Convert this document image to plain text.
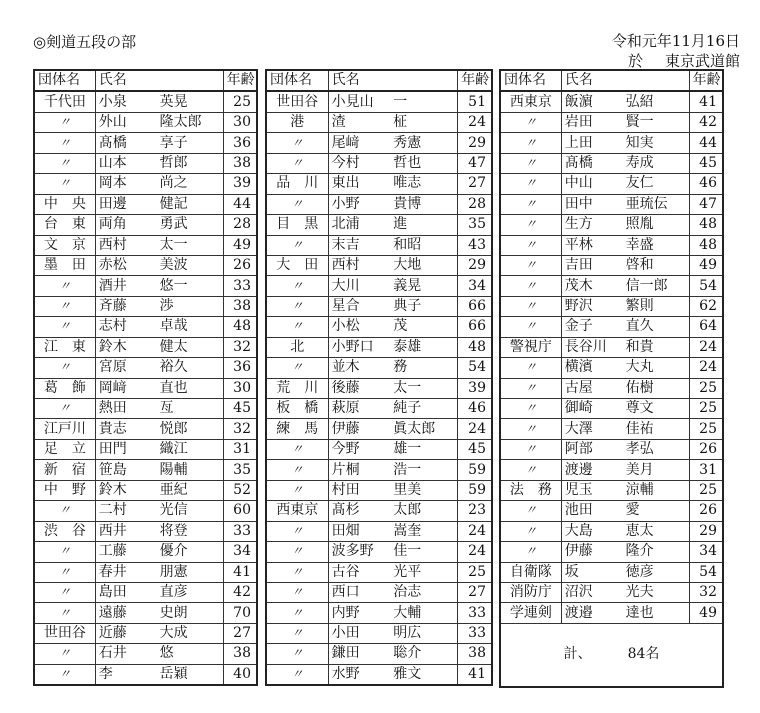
◎剣道五段の部	令和元年11月16日
於 東京武道館
団体名	氏名		年齢
千代田	小泉	英晃	25
〃	外山	隆太郎	30
〃	髙橋	享子	36
〃	山本	哲郎	38
〃	岡本	尚之	39
中　央	田邊	健記	44
台　東	両角	勇武	28
文　京	西村	太一	49
墨　田	赤松	美波	26
〃	酒井	悠一	33
〃	斉藤	渉	38
〃	志村	卓哉	48
江　東	鈴木	健太	32
〃	宮原	裕久	36
葛　飾	岡﨑	直也	30
〃	熱田	亙	45
江戸川	貴志	悦郎	32
足　立	田門	織江	31
新　宿	笹島	陽輔	35
中　野	鈴木	亜紀	52
〃	二村	光信	60
渋　谷	西井	将登	33
〃	工藤	優介	34
〃	春井	朋憲	41
〃	島田	直彦	42
〃	遠藤	史朗	70
世田谷	近藤	大成	27
〃	石井	悠	38
〃	李	岳穎	40
団体名	氏名		年齢
世田谷	小見山	一	51
港	渣	柾	24
〃	尾﨑	秀憲	29
〃	今村	哲也	47
品　川	東出	唯志	27
〃	小野	貴博	28
目　黒	北浦	進	35
〃	末吉	和昭	43
大　田	西村	大地	29
〃	大川	義晃	34
〃	星合	典子	66
〃	小松	茂	66
北	小野口	泰雄	48
〃	並木	務	54
荒　川	後藤	太一	39
板　橋	萩原	純子	46
練　馬	伊藤	眞太郎	24
〃	今野	雄一	45
〃	片桐	浩一	59
〃	村田	里美	59
西東京	髙杉	太郎	23
〃	田畑	嵩奎	24
〃	波多野	佳一	24
〃	古谷	光平	25
〃	西口	治志	27
〃	内野	大輔	33
〃	小田	明広	33
〃	鎌田	聡介	38
〃	水野	雅文	41
団体名	氏名		年齢
西東京	飯濵	弘紹	41
〃	岩田	賢一	42
〃	上田	知実	44
〃	髙橋	寿成	45
〃	中山	友仁	46
〃	田中	亜琉伝	47
〃	生方	照胤	48
〃	平林	幸盛	48
〃	吉田	啓和	49
〃	茂木	信一郎	54
〃	野沢	繁則	62
〃	金子	直久	64
警視庁	長谷川	和貴	24
〃	横濱	大丸	24
〃	古屋	佑樹	25
〃	御崎	尊文	25
〃	大澤	佳祐	25
〃	阿部	孝弘	26
〃	渡邊	美月	31
法　務	児玉	涼輔	25
〃	池田	愛	26
〃	大島	恵太	29
〃	伊藤	隆介	34
自衛隊	坂	徳彦	54
消防庁	沼沢	光夫	32
学連剣	渡邉	達也	49
計、 84名			
